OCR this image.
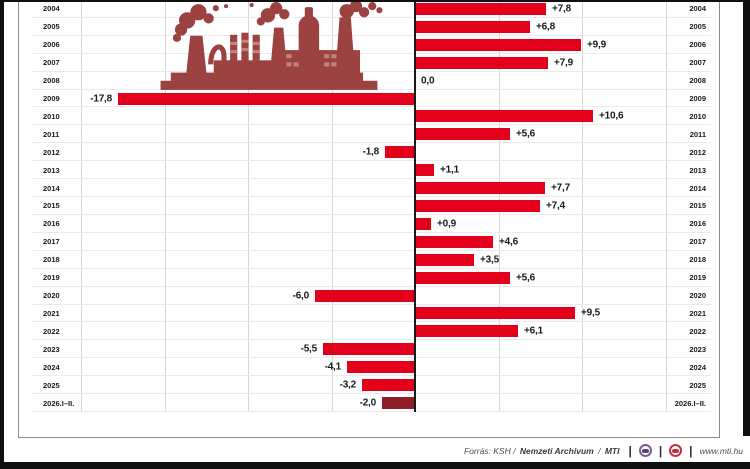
2004	2004
+7,8
2005	2005
+6,8
2006	2006
+9,9
2007	2007
+7,9
2008	2008
0,0
2009	2009
-17,8
2010	2010
+10,6
2011	2011
+5,6
2012	2012
-1,8
2013	2013
+1,1
2014	2014
+7,7
2015	2015
+7,4
2016	2016
+0,9
2017	2017
+4,6
2018	2018
+3,5
2019	2019
+5,6
2020	2020
-6,0
2021	2021
+9,5
2022	2022
+6,1
2023	2023
-5,5
2024	2024
-4,1
2025	2025
-3,2
2026.I–II.	2026.I–II.
-2,0
Forrás: KSH / Nemzeti Archivum / MTI | | | www.mti.hu
